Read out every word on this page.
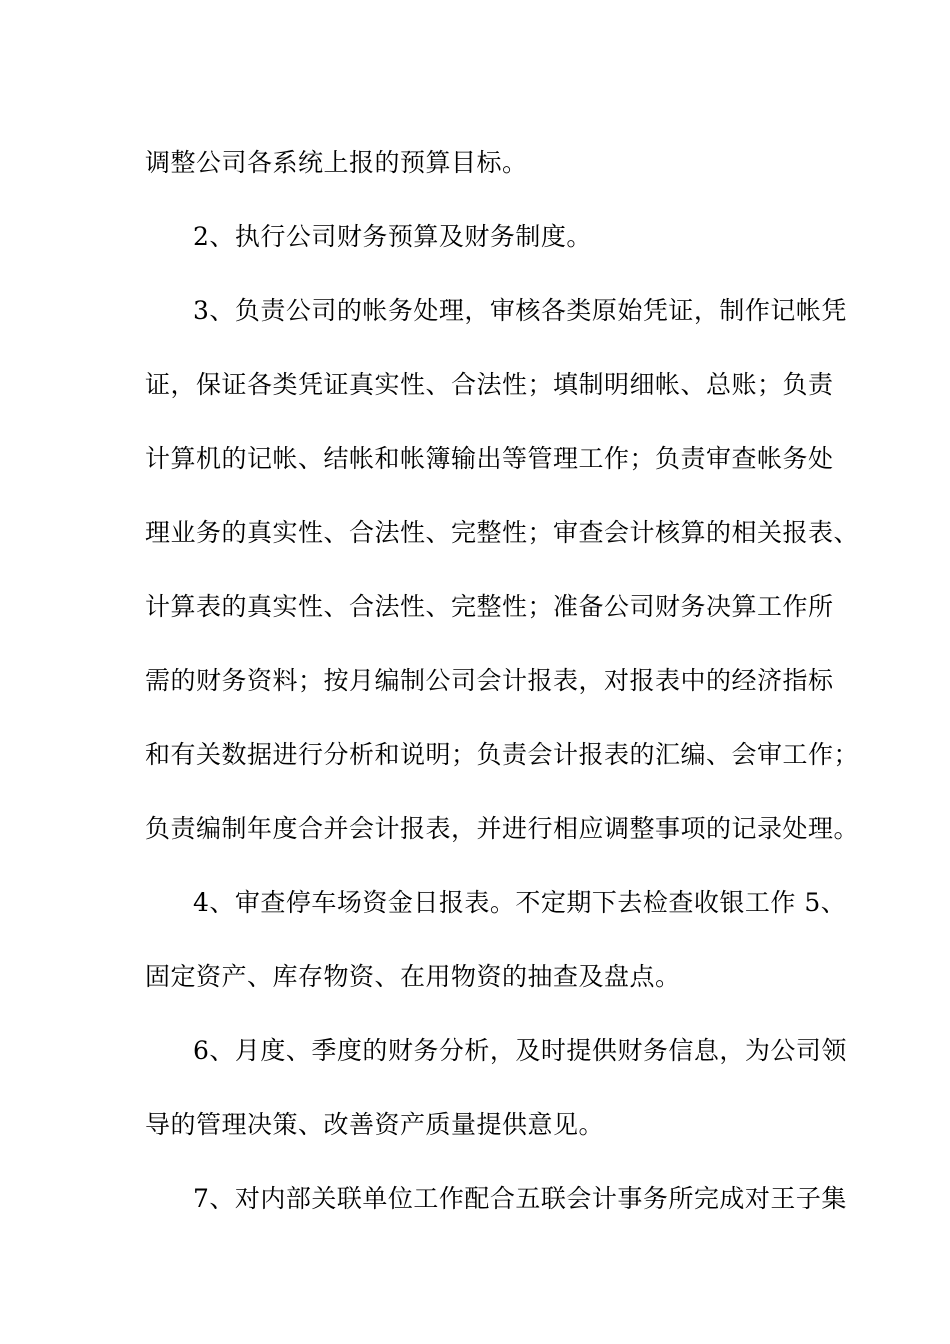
调整公司各系统上报的预算目标。
2、执行公司财务预算及财务制度。
3、负责公司的帐务处理，审核各类原始凭证，制作记帐凭
证，保证各类凭证真实性、合法性；填制明细帐、总账；负责
计算机的记帐、结帐和帐簿输出等管理工作；负责审查帐务处
理业务的真实性、合法性、完整性；审查会计核算的相关报表、
计算表的真实性、合法性、完整性；准备公司财务决算工作所
需的财务资料；按月编制公司会计报表，对报表中的经济指标
和有关数据进行分析和说明；负责会计报表的汇编、会审工作；
负责编制年度合并会计报表，并进行相应调整事项的记录处理。
4、审查停车场资金日报表。不定期下去检查收银工作 5、
固定资产、库存物资、在用物资的抽查及盘点。
6、月度、季度的财务分析，及时提供财务信息，为公司领
导的管理决策、改善资产质量提供意见。
7、对内部关联单位工作配合五联会计事务所完成对王子集
